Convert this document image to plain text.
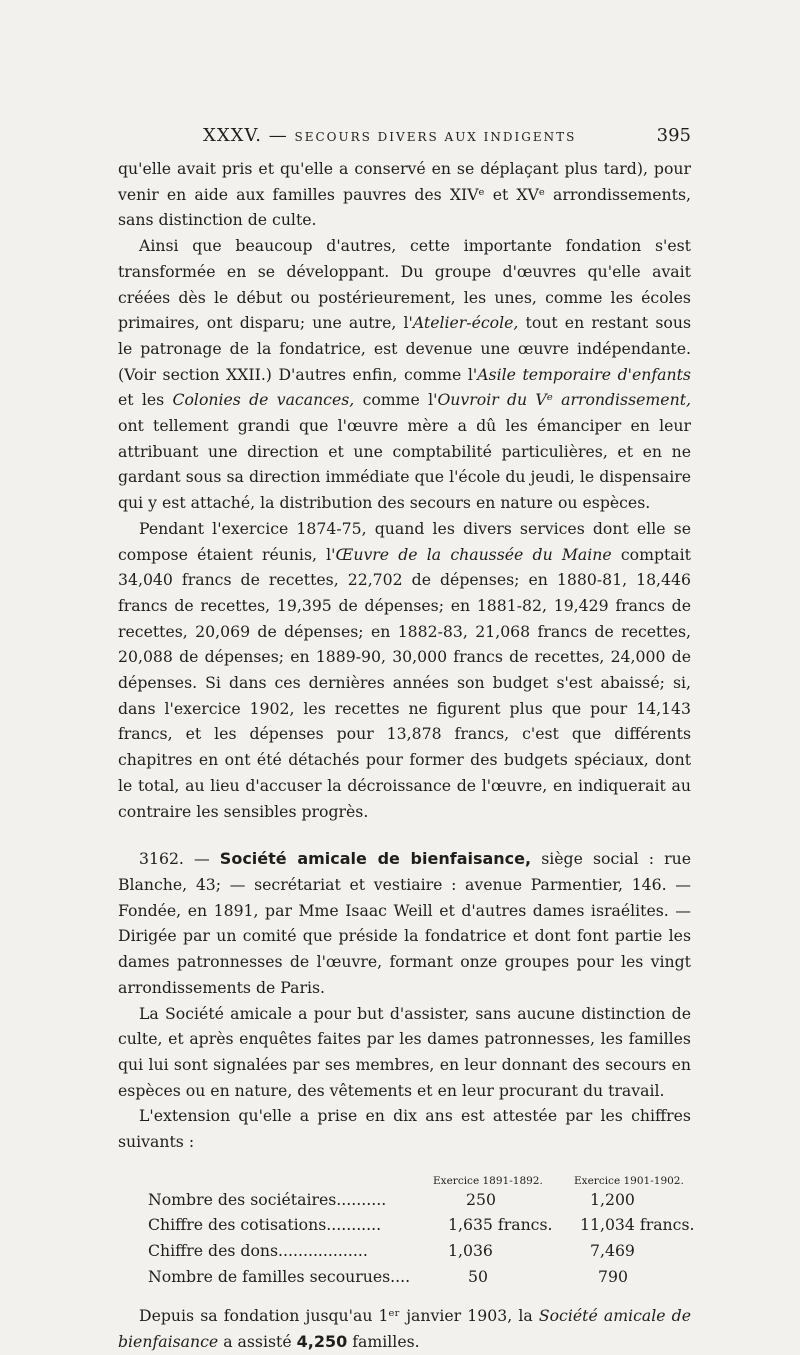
XXXV. — SECOURS DIVERS AUX INDIGENTS	395

qu'elle avait pris et qu'elle a conservé en se déplaçant plus tard), pour venir en aide aux familles pauvres des XIVᵉ et XVᵉ arrondissements, sans distinction de culte.

Ainsi que beaucoup d'autres, cette importante fondation s'est transformée en se développant. Du groupe d'œuvres qu'elle avait créées dès le début ou postérieurement, les unes, comme les écoles primaires, ont disparu; une autre, l'Atelier-école, tout en restant sous le patronage de la fondatrice, est devenue une œuvre indépendante. (Voir section XXII.) D'autres enfin, comme l'Asile temporaire d'enfants et les Colonies de vacances, comme l'Ouvroir du Vᵉ arrondissement, ont tellement grandi que l'œuvre mère a dû les émanciper en leur attribuant une direction et une comptabilité particulières, et en ne gardant sous sa direction immédiate que l'école du jeudi, le dispensaire qui y est attaché, la distribution des secours en nature ou espèces.

Pendant l'exercice 1874-75, quand les divers services dont elle se compose étaient réunis, l'Œuvre de la chaussée du Maine comptait 34,040 francs de recettes, 22,702 de dépenses; en 1880-81, 18,446 francs de recettes, 19,395 de dépenses; en 1881-82, 19,429 francs de recettes, 20,069 de dépenses; en 1882-83, 21,068 francs de recettes, 20,088 de dépenses; en 1889-90, 30,000 francs de recettes, 24,000 de dépenses. Si dans ces dernières années son budget s'est abaissé; si, dans l'exercice 1902, les recettes ne figurent plus que pour 14,143 francs, et les dépenses pour 13,878 francs, c'est que différents chapitres en ont été détachés pour former des budgets spéciaux, dont le total, au lieu d'accuser la décroissance de l'œuvre, en indiquerait au contraire les sensibles progrès.

3162. — Société amicale de bienfaisance, siège social : rue Blanche, 43; — secrétariat et vestiaire : avenue Parmentier, 146. — Fondée, en 1891, par Mme Isaac Weill et d'autres dames israélites. — Dirigée par un comité que préside la fondatrice et dont font partie les dames patronnesses de l'œuvre, formant onze groupes pour les vingt arrondissements de Paris.

La Société amicale a pour but d'assister, sans aucune distinction de culte, et après enquêtes faites par les dames patronnesses, les familles qui lui sont signalées par ses membres, en leur donnant des secours en espèces ou en nature, des vêtements et en leur procurant du travail.

L'extension qu'elle a prise en dix ans est attestée par les chiffres suivants :

Exercice 1891-1892.	Exercice 1901-1902.
Nombre des sociétaires..........	250	1,200
Chiffre des cotisations...........	1,635 francs. 11,034 francs.
Chiffre des dons..................	1,036	7,469
Nombre de familles secourues....	50	790

Depuis sa fondation jusqu'au 1ᵉʳ janvier 1903, la Société amicale de bienfaisance a assisté 4,250 familles.
